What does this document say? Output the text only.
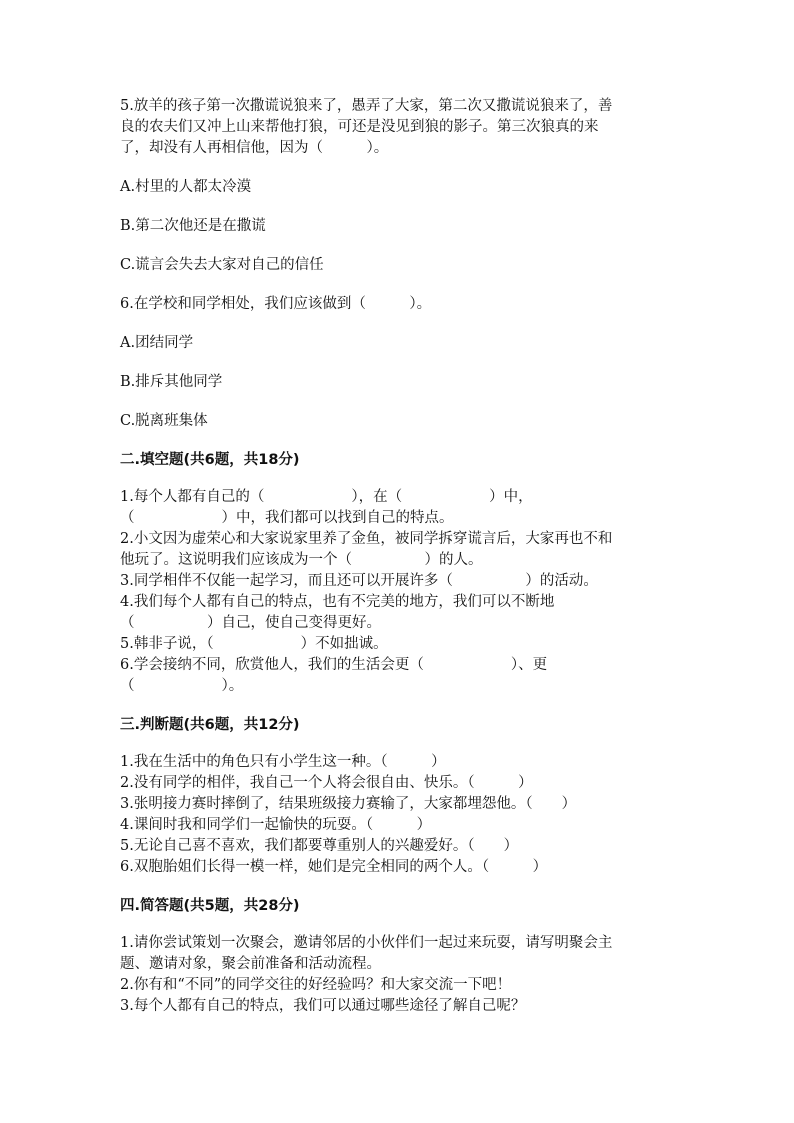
5.放羊的孩子第一次撒谎说狼来了，愚弄了大家，第二次又撒谎说狼来了，善

良的农夫们又冲上山来帮他打狼，可还是没见到狼的影子。第三次狼真的来

了，却没有人再相信他，因为（　　　）。

A.村里的人都太冷漠

B.第二次他还是在撒谎

C.谎言会失去大家对自己的信任

6.在学校和同学相处，我们应该做到（　　　）。

A.团结同学

B.排斥其他同学

C.脱离班集体

二.填空题(共6题，共18分)

1.每个人都有自己的（　　　　　　），在（　　　　　　）中，

（　　　　　　）中，我们都可以找到自己的特点。

2.小文因为虚荣心和大家说家里养了金鱼，被同学拆穿谎言后，大家再也不和

他玩了。这说明我们应该成为一个（　　　　　）的人。

3.同学相伴不仅能一起学习，而且还可以开展许多（　　　　　）的活动。

4.我们每个人都有自己的特点，也有不完美的地方，我们可以不断地

（　　　　　）自己，使自己变得更好。

5.韩非子说，（　　　　　　）不如拙诚。

6.学会接纳不同，欣赏他人，我们的生活会更（　　　　　　）、更

（　　　　　　）。

三.判断题(共6题，共12分)

1.我在生活中的角色只有小学生这一种。（　　　）

2.没有同学的相伴，我自己一个人将会很自由、快乐。（　　　）

3.张明接力赛时摔倒了，结果班级接力赛输了，大家都埋怨他。（　　）

4.课间时我和同学们一起愉快的玩耍。（　　　）

5.无论自己喜不喜欢，我们都要尊重别人的兴趣爱好。（　　）

6.双胞胎姐们长得一模一样，她们是完全相同的两个人。（　　　）

四.简答题(共5题，共28分)

1.请你尝试策划一次聚会，邀请邻居的小伙伴们一起过来玩耍，请写明聚会主

题、邀请对象，聚会前准备和活动流程。

2.你有和“不同”的同学交往的好经验吗？和大家交流一下吧！

3.每个人都有自己的特点，我们可以通过哪些途径了解自己呢？
